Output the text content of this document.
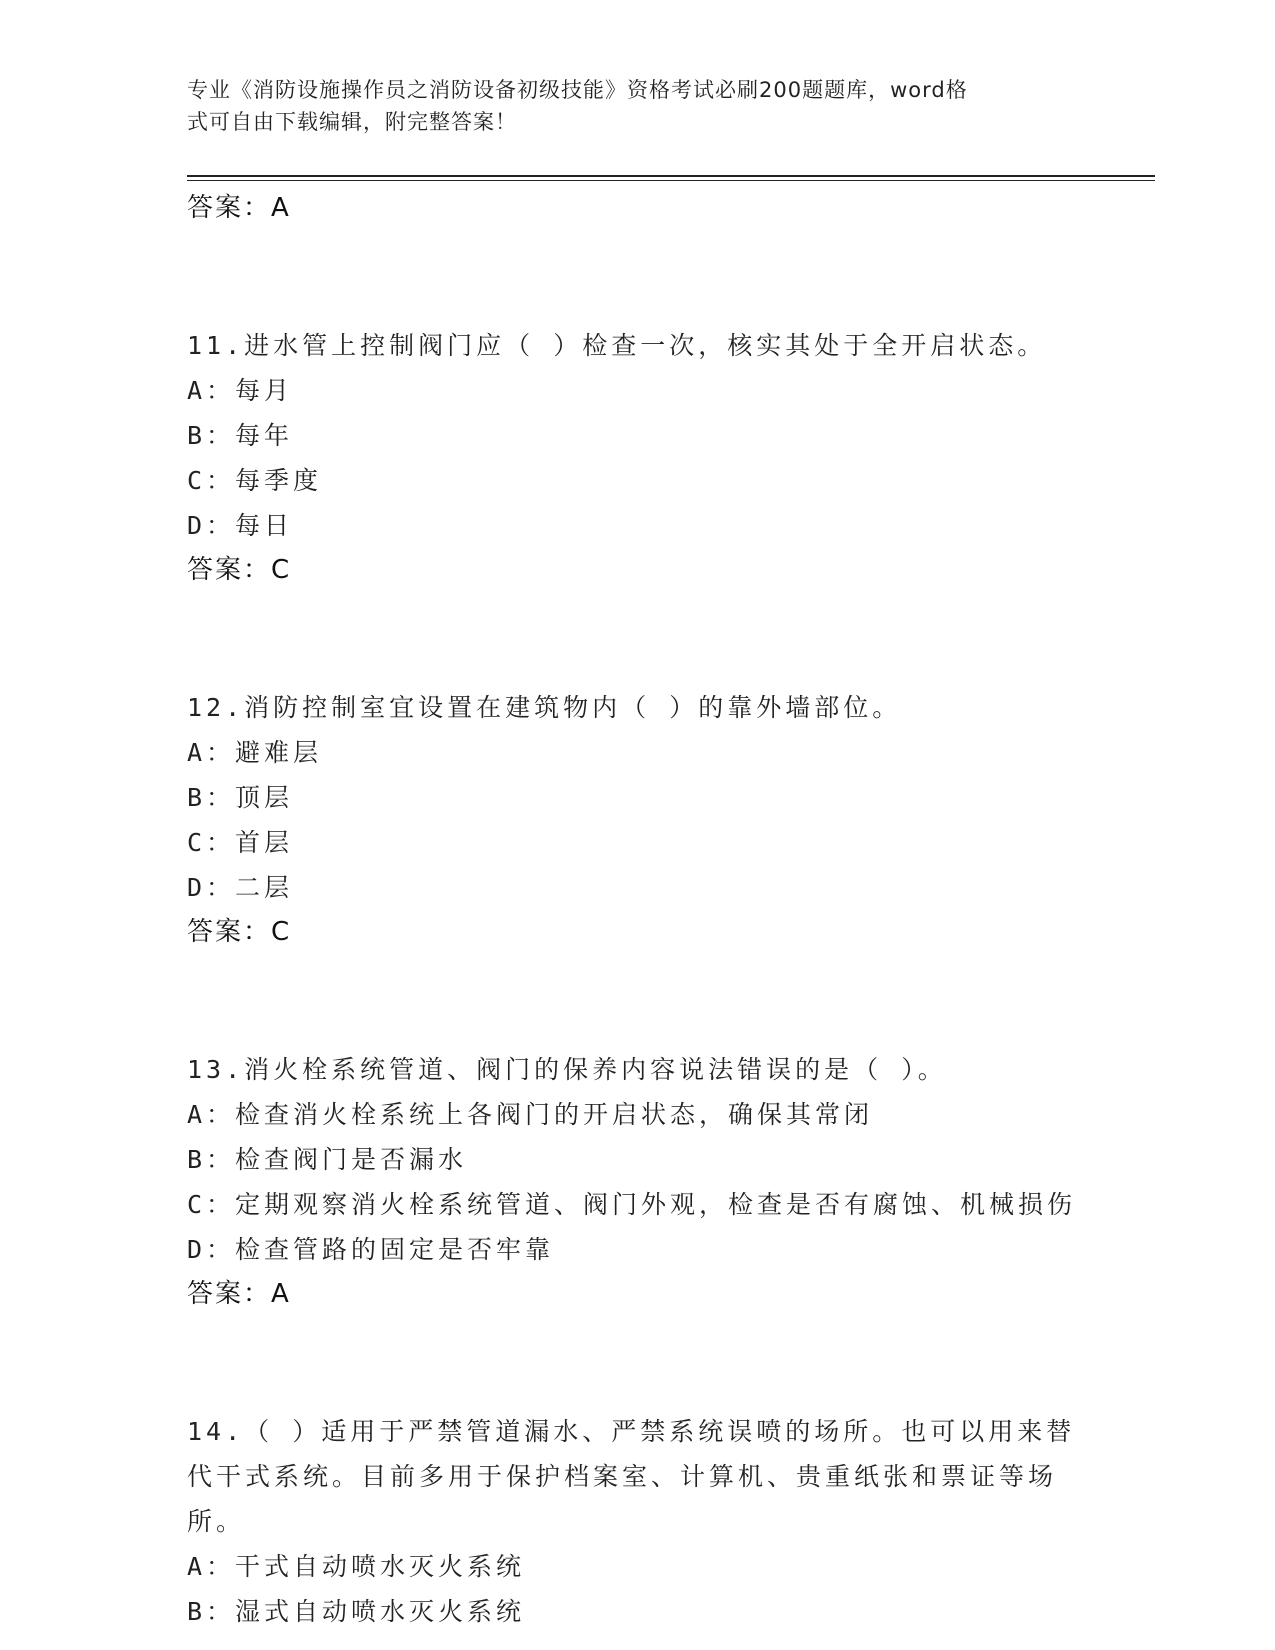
专业《消防设施操作员之消防设备初级技能》资格考试必刷200题题库，word格
式可自由下载编辑，附完整答案！
答案：A
11.进水管上控制阀门应（ ）检查一次，核实其处于全开启状态。
A：每月
B：每年
C：每季度
D：每日
答案：C
12.消防控制室宜设置在建筑物内（ ）的靠外墙部位。
A：避难层
B：顶层
C：首层
D：二层
答案：C
13.消火栓系统管道、阀门的保养内容说法错误的是（ ）。
A：检查消火栓系统上各阀门的开启状态，确保其常闭
B：检查阀门是否漏水
C：定期观察消火栓系统管道、阀门外观，检查是否有腐蚀、机械损伤
D：检查管路的固定是否牢靠
答案：A
14.（ ）适用于严禁管道漏水、严禁系统误喷的场所。也可以用来替
代干式系统。目前多用于保护档案室、计算机、贵重纸张和票证等场
所。
A：干式自动喷水灭火系统
B：湿式自动喷水灭火系统
